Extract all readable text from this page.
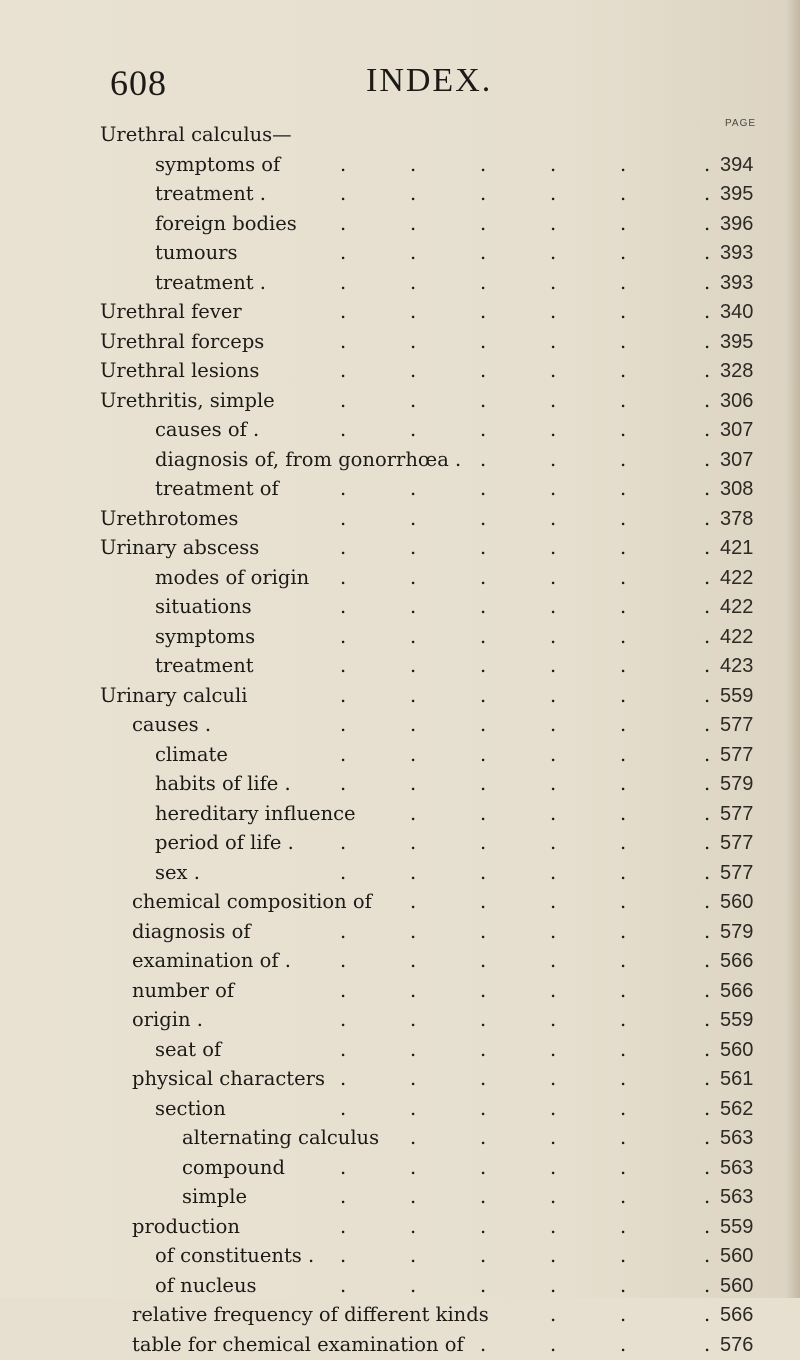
608	INDEX.
PAGE
Urethral calculus—
symptoms of	394
.	.	.	.	.	.
treatment .	395
.	.	.	.	.	.
foreign bodies	396
.	.	.	.	.	.
tumours	393
.	.	.	.	.	.
treatment .	393
.	.	.	.	.	.
Urethral fever	340
.	.	.	.	.	.
Urethral forceps	395
.	.	.	.	.	.
Urethral lesions	328
.	.	.	.	.	.
Urethritis, simple	306
.	.	.	.	.	.
causes of .	307
.	.	.	.	.	.
diagnosis of, from gonorrhœa .	307
.	.	.	.
treatment of	308
.	.	.	.	.	.
Urethrotomes	378
.	.	.	.	.	.
Urinary abscess	421
.	.	.	.	.	.
modes of origin	422
.	.	.	.	.	.
situations	422
.	.	.	.	.	.
symptoms	422
.	.	.	.	.	.
treatment	423
.	.	.	.	.	.
Urinary calculi	559
.	.	.	.	.	.
causes .	577
.	.	.	.	.	.
climate	577
.	.	.	.	.	.
habits of life .	579
.	.	.	.	.	.
hereditary influence	577
.	.	.	.	.
period of life .	577
.	.	.	.	.	.
sex .	577
.	.	.	.	.	.
chemical composition of	560
.	.	.	.	.
diagnosis of	579
.	.	.	.	.	.
examination of .	566
.	.	.	.	.	.
number of	566
.	.	.	.	.	.
origin .	559
.	.	.	.	.	.
seat of	560
.	.	.	.	.	.
physical characters	561
.	.	.	.	.	.
section	562
.	.	.	.	.	.
alternating calculus	563
.	.	.	.	.
compound	563
.	.	.	.	.	.
simple	563
.	.	.	.	.	.
production	559
.	.	.	.	.	.
of constituents .	560
.	.	.	.	.	.
of nucleus	560
.	.	.	.	.	.
relative frequency of different kinds	566
.	.	.
table for chemical examination of	576
.	.	.	.
